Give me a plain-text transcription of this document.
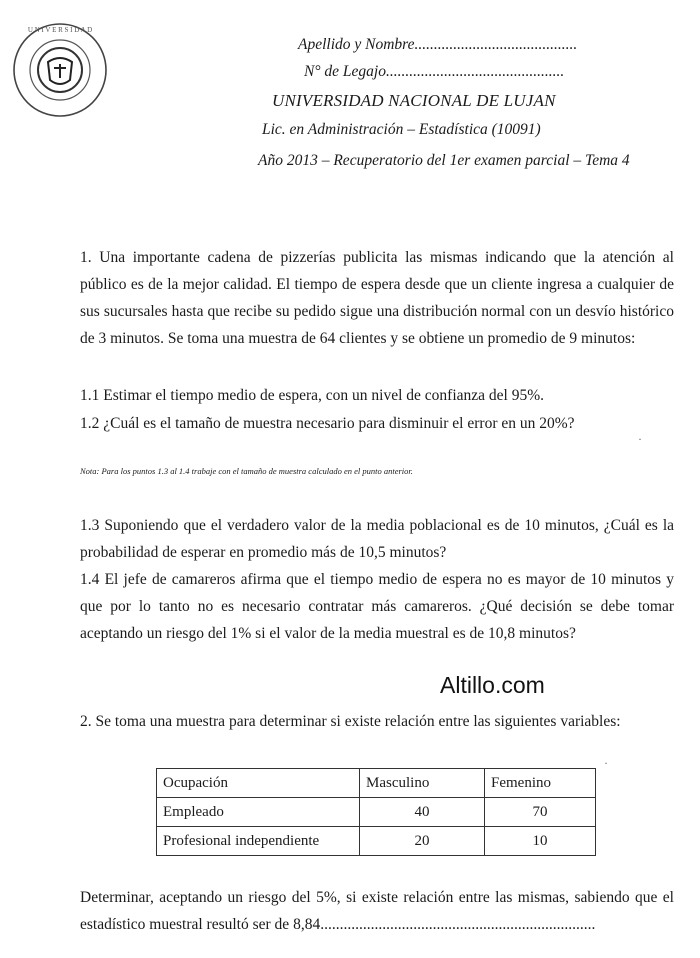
U N I V E R S I D A D
Apellido y Nombre..........................................
N° de Legajo..............................................
UNIVERSIDAD NACIONAL DE LUJAN
Lic. en Administración – Estadística (10091)
Año 2013 – Recuperatorio del 1er examen parcial – Tema 4
1. Una importante cadena de pizzerías publicita las mismas indicando que la atención al público es de la mejor calidad. El tiempo de espera desde que un cliente ingresa a cualquier de sus sucursales hasta que recibe su pedido sigue una distribución normal con un desvío histórico de 3 minutos. Se toma una muestra de 64 clientes y se obtiene un promedio de 9 minutos:
1.1 Estimar el tiempo medio de espera, con un nivel de confianza del 95%.
1.2 ¿Cuál es el tamaño de muestra necesario para disminuir el error en un 20%?
·
Nota: Para los puntos 1.3 al 1.4 trabaje con el tamaño de muestra calculado en el punto anterior.
1.3 Suponiendo que el verdadero valor de la media poblacional es de 10 minutos, ¿Cuál es la probabilidad de esperar en promedio más de 10,5 minutos?
1.4 El jefe de camareros afirma que el tiempo medio de espera no es mayor de 10 minutos y que por lo tanto no es necesario contratar más camareros. ¿Qué decisión se debe tomar aceptando un riesgo del 1% si el valor de la media muestral es de 10,8 minutos?
Altillo.com
2. Se toma una muestra para determinar si existe relación entre las siguientes variables:
·
Ocupación	Masculino	Femenino
Empleado	40	70
Profesional independiente	20	10
Determinar, aceptando un riesgo del 5%, si existe relación entre las mismas, sabiendo que el estadístico muestral resultó ser de 8,84.......................................................................
